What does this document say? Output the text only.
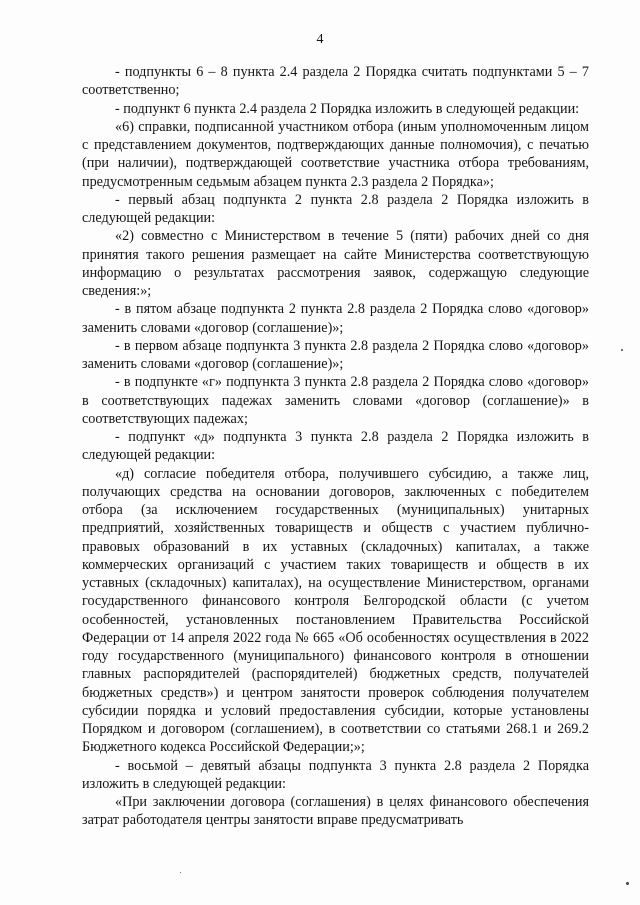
4

- подпункты 6 – 8 пункта 2.4 раздела 2 Порядка считать подпунктами 5 – 7 соответственно;

- подпункт 6 пункта 2.4 раздела 2 Порядка изложить в следующей редакции:

«6) справки, подписанной участником отбора (иным уполномоченным лицом с представлением документов, подтверждающих данные полномочия), с печатью (при наличии), подтверждающей соответствие участника отбора требованиям, предусмотренным седьмым абзацем пункта 2.3 раздела 2 Порядка»;

- первый абзац подпункта 2 пункта 2.8 раздела 2 Порядка изложить в следующей редакции:

«2) совместно с Министерством в течение 5 (пяти) рабочих дней со дня принятия такого решения размещает на сайте Министерства соответствующую информацию о результатах рассмотрения заявок, содержащую следующие сведения:»;

- в пятом абзаце подпункта 2 пункта 2.8 раздела 2 Порядка слово «договор» заменить словами «договор (соглашение)»;

- в первом абзаце подпункта 3 пункта 2.8 раздела 2 Порядка слово «договор» заменить словами «договор (соглашение)»;

- в подпункте «г» подпункта 3 пункта 2.8 раздела 2 Порядка слово «договор» в соответствующих падежах заменить словами «договор (соглашение)» в соответствующих падежах;

- подпункт «д» подпункта 3 пункта 2.8 раздела 2 Порядка изложить в следующей редакции:

«д) согласие победителя отбора, получившего субсидию, а также лиц, получающих средства на основании договоров, заключенных с победителем отбора (за исключением государственных (муниципальных) унитарных предприятий, хозяйственных товариществ и обществ с участием публично-правовых образований в их уставных (складочных) капиталах, а также коммерческих организаций с участием таких товариществ и обществ в их уставных (складочных) капиталах), на осуществление Министерством, органами государственного финансового контроля Белгородской области (с учетом особенностей, установленных постановлением Правительства Российской Федерации от 14 апреля 2022 года № 665 «Об особенностях осуществления в 2022 году государственного (муниципального) финансового контроля в отношении главных распорядителей (распорядителей) бюджетных средств, получателей бюджетных средств») и центром занятости проверок соблюдения получателем субсидии порядка и условий предоставления субсидии, которые установлены Порядком и договором (соглашением), в соответствии со статьями 268.1 и 269.2 Бюджетного кодекса Российской Федерации;»;

- восьмой – девятый абзацы подпункта 3 пункта 2.8 раздела 2 Порядка изложить в следующей редакции:

«При заключении договора (соглашения) в целях финансового обеспечения затрат работодателя центры занятости вправе предусматривать
